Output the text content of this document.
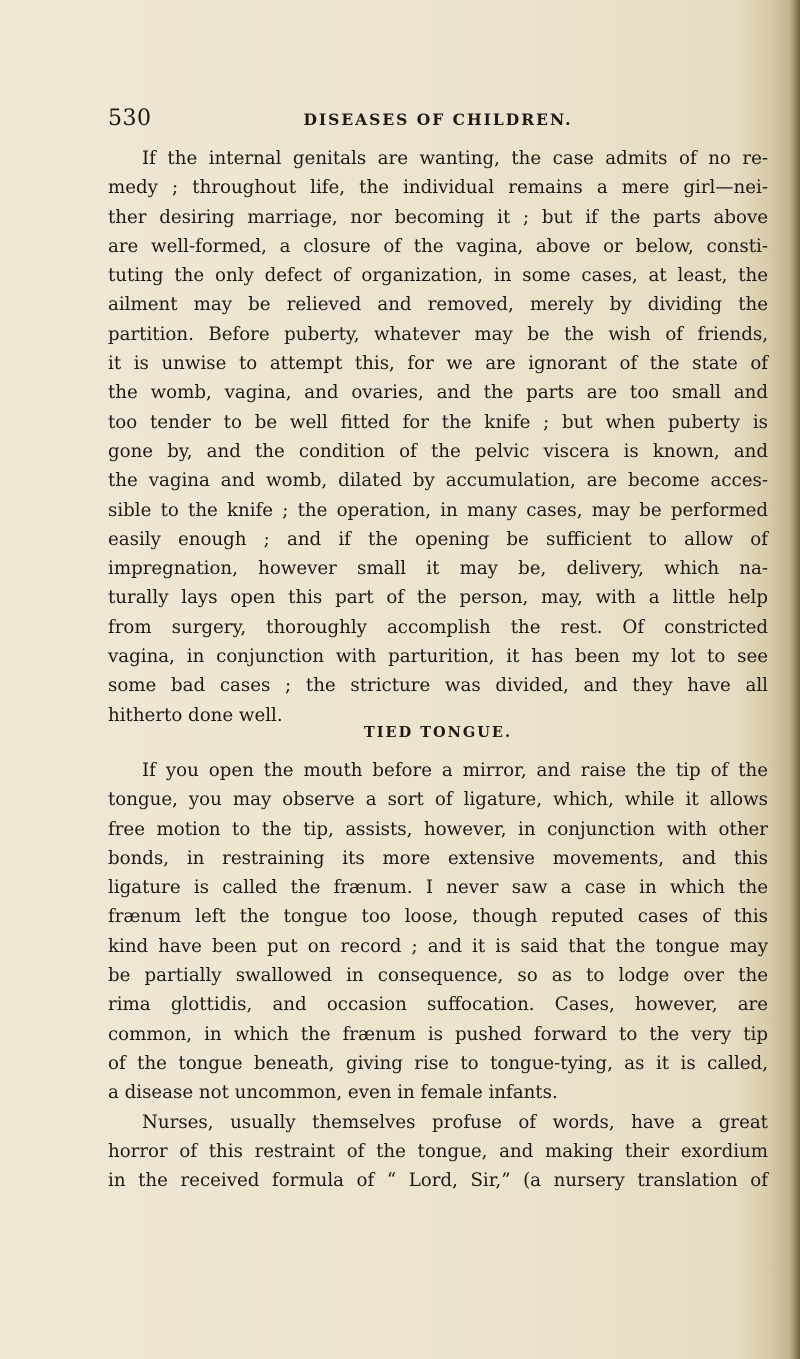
530	DISEASES OF CHILDREN.
If the internal genitals are wanting, the case admits of no re-
medy ; throughout life, the individual remains a mere girl—nei-
ther desiring marriage, nor becoming it ; but if the parts above
are well-formed, a closure of the vagina, above or below, consti-
tuting the only defect of organization, in some cases, at least, the
ailment may be relieved and removed, merely by dividing the
partition. Before puberty, whatever may be the wish of friends,
it is unwise to attempt this, for we are ignorant of the state of
the womb, vagina, and ovaries, and the parts are too small and
too tender to be well fitted for the knife ; but when puberty is
gone by, and the condition of the pelvic viscera is known, and
the vagina and womb, dilated by accumulation, are become acces-
sible to the knife ; the operation, in many cases, may be performed
easily enough ; and if the opening be sufficient to allow of
impregnation, however small it may be, delivery, which na-
turally lays open this part of the person, may, with a little help
from surgery, thoroughly accomplish the rest. Of constricted
vagina, in conjunction with parturition, it has been my lot to see
some bad cases ; the stricture was divided, and they have all
hitherto done well.
TIED TONGUE.
If you open the mouth before a mirror, and raise the tip of the
tongue, you may observe a sort of ligature, which, while it allows
free motion to the tip, assists, however, in conjunction with other
bonds, in restraining its more extensive movements, and this
ligature is called the frænum. I never saw a case in which the
frænum left the tongue too loose, though reputed cases of this
kind have been put on record ; and it is said that the tongue may
be partially swallowed in consequence, so as to lodge over the
rima glottidis, and occasion suffocation. Cases, however, are
common, in which the frænum is pushed forward to the very tip
of the tongue beneath, giving rise to tongue-tying, as it is called,
a disease not uncommon, even in female infants.
Nurses, usually themselves profuse of words, have a great
horror of this restraint of the tongue, and making their exordium
in the received formula of “ Lord, Sir,” (a nursery translation of
